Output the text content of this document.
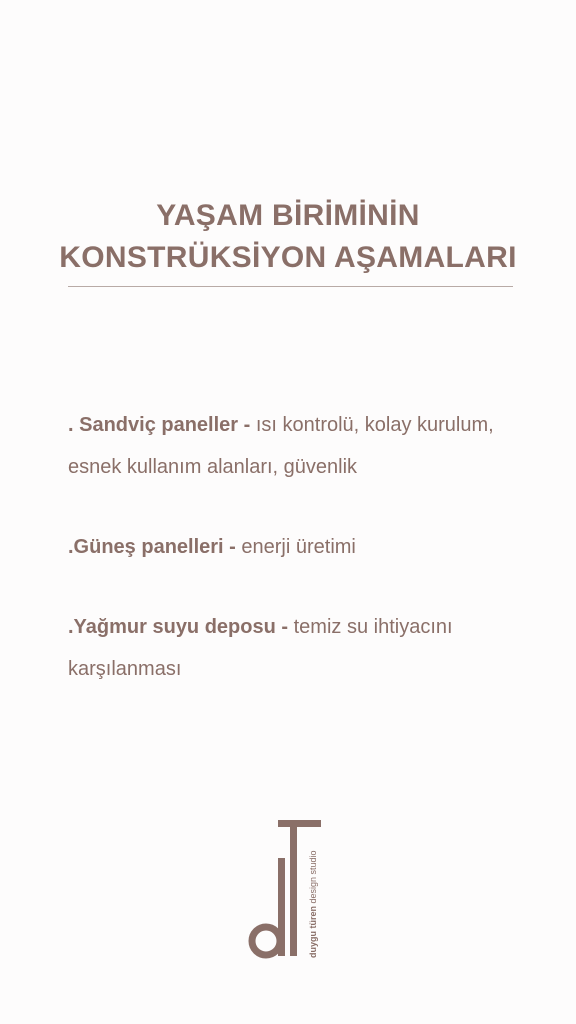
YAŞAM BİRİMİNİN
KONSTRÜKSİYON AŞAMALARI

. Sandviç paneller - ısı kontrolü, kolay kurulum, esnek kullanım alanları, güvenlik

.Güneş panelleri - enerji üretimi

.Yağmur suyu deposu - temiz su ihtiyacını karşılanması

duygu türen design studio
